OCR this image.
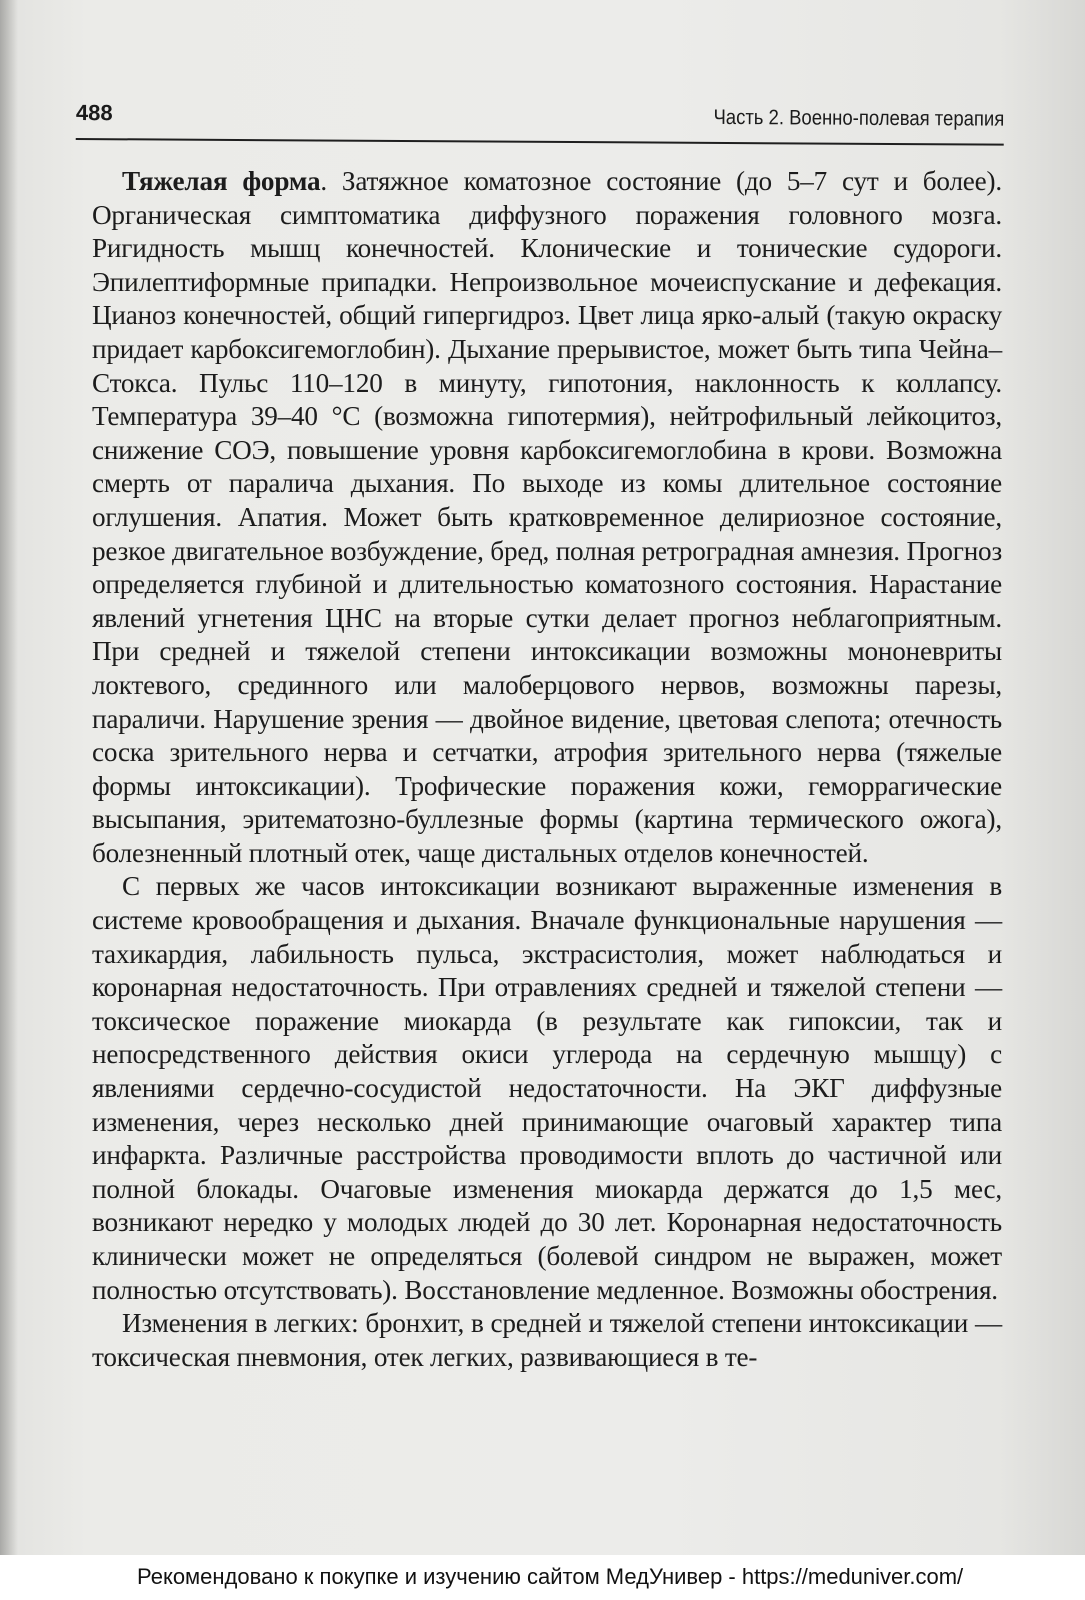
488	Часть 2. Военно-полевая терапия

Тяжелая форма. Затяжное коматозное состояние (до 5–7 сут и более). Органическая симптоматика диффузного поражения головного мозга. Ригидность мышц конечностей. Клонические и тонические судороги. Эпилептиформные припадки. Непроизвольное мочеиспускание и дефекация. Цианоз конечностей, общий гипергидроз. Цвет лица ярко-алый (такую окраску придает карбоксигемоглобин). Дыхание прерывистое, может быть типа Чейна–Стокса. Пульс 110–120 в минуту, гипотония, наклонность к коллапсу. Температура 39–40 °С (возможна гипотермия), нейтрофильный лейкоцитоз, снижение СОЭ, повышение уровня карбоксигемоглобина в крови. Возможна смерть от паралича дыхания. По выходе из комы длительное состояние оглушения. Апатия. Может быть кратковременное делириозное состояние, резкое двигательное возбуждение, бред, полная ретроградная амнезия. Прогноз определяется глубиной и длительностью коматозного состояния. Нарастание явлений угнетения ЦНС на вторые сутки делает прогноз неблагоприятным. При средней и тяжелой степени интоксикации возможны мононевриты локтевого, срединного или малоберцового нервов, возможны парезы, параличи. Нарушение зрения — двойное видение, цветовая слепота; отечность соска зрительного нерва и сетчатки, атрофия зрительного нерва (тяжелые формы интоксикации). Трофические поражения кожи, геморрагические высыпания, эритематозно-буллезные формы (картина термического ожога), болезненный плотный отек, чаще дистальных отделов конечностей.

С первых же часов интоксикации возникают выраженные изменения в системе кровообращения и дыхания. Вначале функциональные нарушения — тахикардия, лабильность пульса, экстрасистолия, может наблюдаться и коронарная недостаточность. При отравлениях средней и тяжелой степени — токсическое поражение миокарда (в результате как гипоксии, так и непосредственного действия окиси углерода на сердечную мышцу) с явлениями сердечно-сосудистой недостаточности. На ЭКГ диффузные изменения, через несколько дней принимающие очаговый характер типа инфаркта. Различные расстройства проводимости вплоть до частичной или полной блокады. Очаговые изменения миокарда держатся до 1,5 мес, возникают нередко у молодых людей до 30 лет. Коронарная недостаточность клинически может не определяться (болевой синдром не выражен, может полностью отсутствовать). Восстановление медленное. Возможны обострения.

Изменения в легких: бронхит, в средней и тяжелой степени интоксикации — токсическая пневмония, отек легких, развивающиеся в те-

Рекомендовано к покупке и изучению сайтом МедУнивер - https://meduniver.com/
